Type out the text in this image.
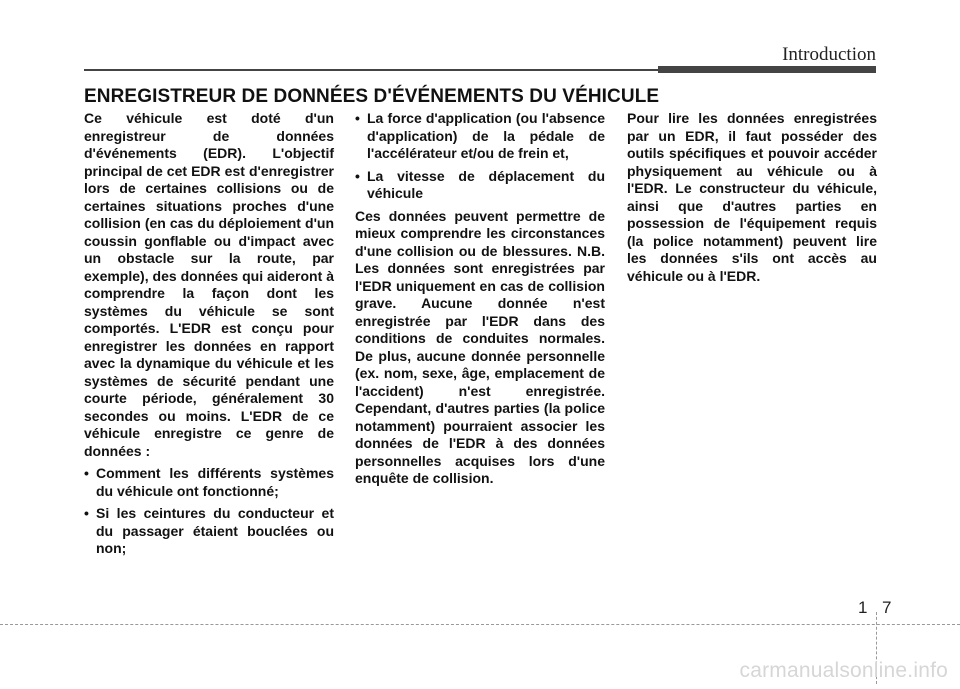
Introduction
ENREGISTREUR DE DONNÉES D'ÉVÉNEMENTS DU VÉHICULE

Ce véhicule est doté d'un enregistreur de données d'événements (EDR). L'objectif principal de cet EDR est d'enregistrer lors de certaines collisions ou de certaines situations proches d'une collision (en cas du déploiement d'un coussin gonflable ou d'impact avec un obstacle sur la route, par exemple), des données qui aideront à comprendre la façon dont les systèmes du véhicule se sont comportés. L'EDR est conçu pour enregistrer les données en rapport avec la dynamique du véhicule et les systèmes de sécurité pendant une courte période, généralement 30 secondes ou moins. L'EDR de ce véhicule enregistre ce genre de données :

• Comment les différents systèmes du véhicule ont fonctionné;
• Si les ceintures du conducteur et du passager étaient bouclées ou non;
• La force d'application (ou l'absence d'application) de la pédale de l'accélérateur et/ou de frein et,
• La vitesse de déplacement du véhicule

Ces données peuvent permettre de mieux comprendre les circonstances d'une collision ou de blessures. N.B. Les données sont enregistrées par l'EDR uniquement en cas de collision grave. Aucune donnée n'est enregistrée par l'EDR dans des conditions de conduites normales. De plus, aucune donnée personnelle (ex. nom, sexe, âge, emplacement de l'accident) n'est enregistrée. Cependant, d'autres parties (la police notamment) pourraient associer les données de l'EDR à des données personnelles acquises lors d'une enquête de collision.

Pour lire les données enregistrées par un EDR, il faut posséder des outils spécifiques et pouvoir accéder physiquement au véhicule ou à l'EDR. Le constructeur du véhicule, ainsi que d'autres parties en possession de l'équipement requis (la police notamment) peuvent lire les données s'ils ont accès au véhicule ou à l'EDR.

1 7
carmanualsonline.info
